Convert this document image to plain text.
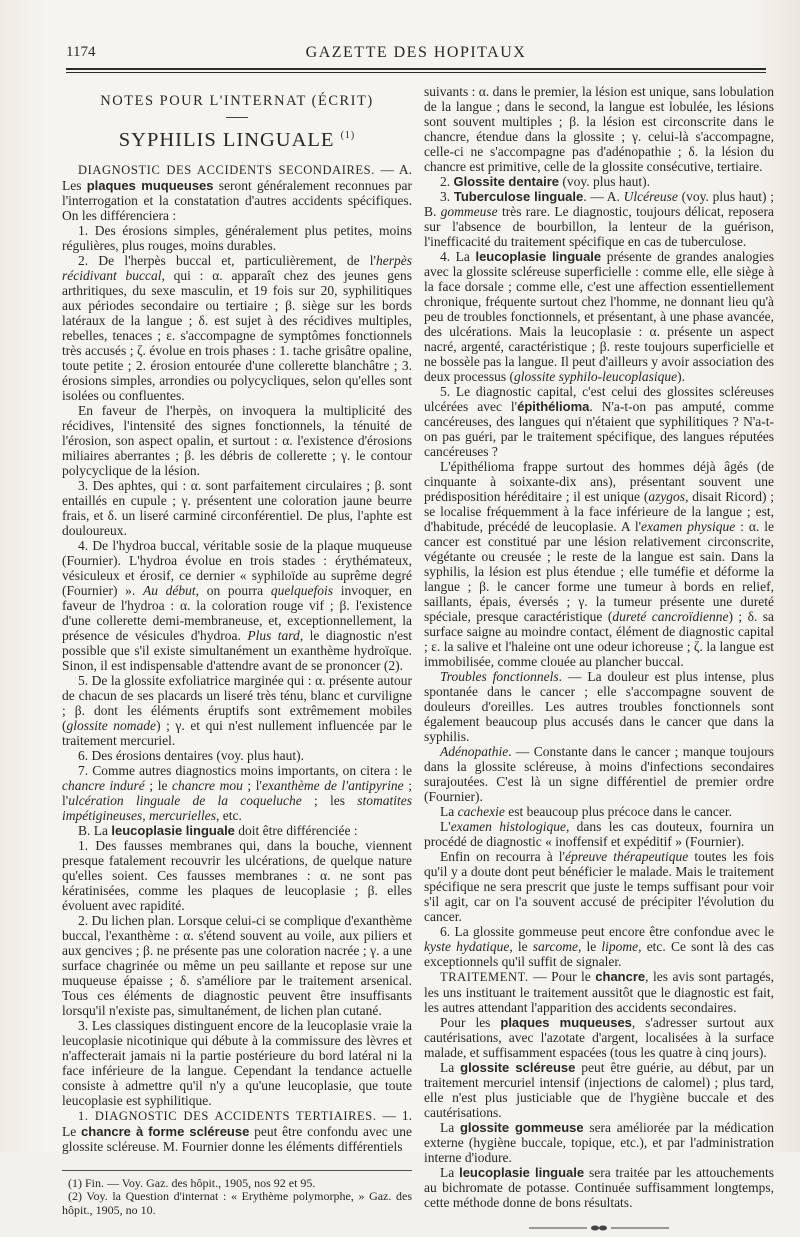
1174	GAZETTE DES HOPITAUX
NOTES POUR L'INTERNAT (ÉCRIT)
SYPHILIS LINGUALE $^{(1)}$

DIAGNOSTIC DES ACCIDENTS SECONDAIRES. — A. Les plaques muqueuses seront généralement reconnues par l'interrogation et la constatation d'autres accidents spécifiques. On les différenciera :

1. Des érosions simples, généralement plus petites, moins régulières, plus rouges, moins durables.

2. De l'herpès buccal et, particulièrement, de l'herpès récidivant buccal, qui : α. apparaît chez des jeunes gens arthritiques, du sexe masculin, et 19 fois sur 20, syphilitiques aux périodes secondaire ou tertiaire ; β. siège sur les bords latéraux de la langue ; δ. est sujet à des récidives multiples, rebelles, tenaces ; ε. s'accompagne de symptômes fonctionnels très accusés ; ζ. évolue en trois phases : 1. tache grisâtre opaline, toute petite ; 2. érosion entourée d'une collerette blanchâtre ; 3. érosions simples, arrondies ou polycycliques, selon qu'elles sont isolées ou confluentes.

En faveur de l'herpès, on invoquera la multiplicité des récidives, l'intensité des signes fonctionnels, la ténuité de l'érosion, son aspect opalin, et surtout : α. l'existence d'érosions miliaires aberrantes ; β. les débris de collerette ; γ. le contour polycyclique de la lésion.

3. Des aphtes, qui : α. sont parfaitement circulaires ; β. sont entaillés en cupule ; γ. présentent une coloration jaune beurre frais, et δ. un liseré carminé circonférentiel. De plus, l'aphte est douloureux.

4. De l'hydroa buccal, véritable sosie de la plaque muqueuse (Fournier). L'hydroa évolue en trois stades : érythémateux, vésiculeux et érosif, ce dernier « syphiloïde au suprême degré (Fournier) ». Au début, on pourra quelquefois invoquer, en faveur de l'hydroa : α. la coloration rouge vif ; β. l'existence d'une collerette demi-membraneuse, et, exceptionnellement, la présence de vésicules d'hydroa. Plus tard, le diagnostic n'est possible que s'il existe simultanément un exanthème hydroïque. Sinon, il est indispensable d'attendre avant de se prononcer (2).

5. De la glossite exfoliatrice marginée qui : α. présente autour de chacun de ses placards un liseré très ténu, blanc et curviligne ; β. dont les éléments éruptifs sont extrêmement mobiles (glossite nomade) ; γ. et qui n'est nullement influencée par le traitement mercuriel.

6. Des érosions dentaires (voy. plus haut).

7. Comme autres diagnostics moins importants, on citera : le chancre induré ; le chancre mou ; l'exanthème de l'antipyrine ; l'ulcération linguale de la coqueluche ; les stomatites impétigineuses, mercurielles, etc.

B. La leucoplasie linguale doit être différenciée :

1. Des fausses membranes qui, dans la bouche, viennent presque fatalement recouvrir les ulcérations, de quelque nature qu'elles soient. Ces fausses membranes : α. ne sont pas kératinisées, comme les plaques de leucoplasie ; β. elles évoluent avec rapidité.

2. Du lichen plan. Lorsque celui-ci se complique d'exanthème buccal, l'exanthème : α. s'étend souvent au voile, aux piliers et aux gencives ; β. ne présente pas une coloration nacrée ; γ. a une surface chagrinée ou même un peu saillante et repose sur une muqueuse épaisse ; δ. s'améliore par le traitement arsenical. Tous ces éléments de diagnostic peuvent être insuffisants lorsqu'il n'existe pas, simultanément, de lichen plan cutané.

3. Les classiques distinguent encore de la leucoplasie vraie la leucoplasie nicotinique qui débute à la commissure des lèvres et n'affecterait jamais ni la partie postérieure du bord latéral ni la face inférieure de la langue. Cependant la tendance actuelle consiste à admettre qu'il n'y a qu'une leucoplasie, que toute leucoplasie est syphilitique.

1. DIAGNOSTIC DES ACCIDENTS TERTIAIRES. — 1. Le chancre à forme scléreuse peut être confondu avec une glossite scléreuse. M. Fournier donne les éléments différentiels

(1) Fin. — Voy. Gaz. des hôpit., 1905, nos 92 et 95.

(2) Voy. la Question d'internat : « Erythème polymorphe, » Gaz. des hôpit., 1905, no 10.

suivants : α. dans le premier, la lésion est unique, sans lobulation de la langue ; dans le second, la langue est lobulée, les lésions sont souvent multiples ; β. la lésion est circonscrite dans le chancre, étendue dans la glossite ; γ. celui-là s'accompagne, celle-ci ne s'accompagne pas d'adénopathie ; δ. la lésion du chancre est primitive, celle de la glossite consécutive, tertiaire.

2. Glossite dentaire (voy. plus haut).

3. Tuberculose linguale. — A. Ulcéreuse (voy. plus haut) ; B. gommeuse très rare. Le diagnostic, toujours délicat, reposera sur l'absence de bourbillon, la lenteur de la guérison, l'inefficacité du traitement spécifique en cas de tuberculose.

4. La leucoplasie linguale présente de grandes analogies avec la glossite scléreuse superficielle : comme elle, elle siège à la face dorsale ; comme elle, c'est une affection essentiellement chronique, fréquente surtout chez l'homme, ne donnant lieu qu'à peu de troubles fonctionnels, et présentant, à une phase avancée, des ulcérations. Mais la leucoplasie : α. présente un aspect nacré, argenté, caractéristique ; β. reste toujours superficielle et ne bossèle pas la langue. Il peut d'ailleurs y avoir association des deux processus (glossite syphilo-leucoplasique).

5. Le diagnostic capital, c'est celui des glossites scléreuses ulcérées avec l'épithélioma. N'a-t-on pas amputé, comme cancéreuses, des langues qui n'étaient que syphilitiques ? N'a-t-on pas guéri, par le traitement spécifique, des langues réputées cancéreuses ?

L'épithélioma frappe surtout des hommes déjà âgés (de cinquante à soixante-dix ans), présentant souvent une prédisposition héréditaire ; il est unique (azygos, disait Ricord) ; se localise fréquemment à la face inférieure de la langue ; est, d'habitude, précédé de leucoplasie. A l'examen physique : α. le cancer est constitué par une lésion relativement circonscrite, végétante ou creusée ; le reste de la langue est sain. Dans la syphilis, la lésion est plus étendue ; elle tuméfie et déforme la langue ; β. le cancer forme une tumeur à bords en relief, saillants, épais, éversés ; γ. la tumeur présente une dureté spéciale, presque caractéristique (dureté cancroïdienne) ; δ. sa surface saigne au moindre contact, élément de diagnostic capital ; ε. la salive et l'haleine ont une odeur ichoreuse ; ζ. la langue est immobilisée, comme clouée au plancher buccal.

Troubles fonctionnels. — La douleur est plus intense, plus spontanée dans le cancer ; elle s'accompagne souvent de douleurs d'oreilles. Les autres troubles fonctionnels sont également beaucoup plus accusés dans le cancer que dans la syphilis.

Adénopathie. — Constante dans le cancer ; manque toujours dans la glossite scléreuse, à moins d'infections secondaires surajoutées. C'est là un signe différentiel de premier ordre (Fournier).

La cachexie est beaucoup plus précoce dans le cancer.

L'examen histologique, dans les cas douteux, fournira un procédé de diagnostic « inoffensif et expéditif » (Fournier).

Enfin on recourra à l'épreuve thérapeutique toutes les fois qu'il y a doute dont peut bénéficier le malade. Mais le traitement spécifique ne sera prescrit que juste le temps suffisant pour voir s'il agit, car on l'a souvent accusé de précipiter l'évolution du cancer.

6. La glossite gommeuse peut encore être confondue avec le kyste hydatique, le sarcome, le lipome, etc. Ce sont là des cas exceptionnels qu'il suffit de signaler.

TRAITEMENT. — Pour le chancre, les avis sont partagés, les uns instituant le traitement aussitôt que le diagnostic est fait, les autres attendant l'apparition des accidents secondaires.

Pour les plaques muqueuses, s'adresser surtout aux cautérisations, avec l'azotate d'argent, localisées à la surface malade, et suffisamment espacées (tous les quatre à cinq jours).

La glossite scléreuse peut être guérie, au début, par un traitement mercuriel intensif (injections de calomel) ; plus tard, elle n'est plus justiciable que de l'hygiène buccale et des cautérisations.

La glossite gommeuse sera améliorée par la médication externe (hygiène buccale, topique, etc.), et par l'administration interne d'iodure.

La leucoplasie linguale sera traitée par les attouchements au bichromate de potasse. Continuée suffisamment longtemps, cette méthode donne de bons résultats.
